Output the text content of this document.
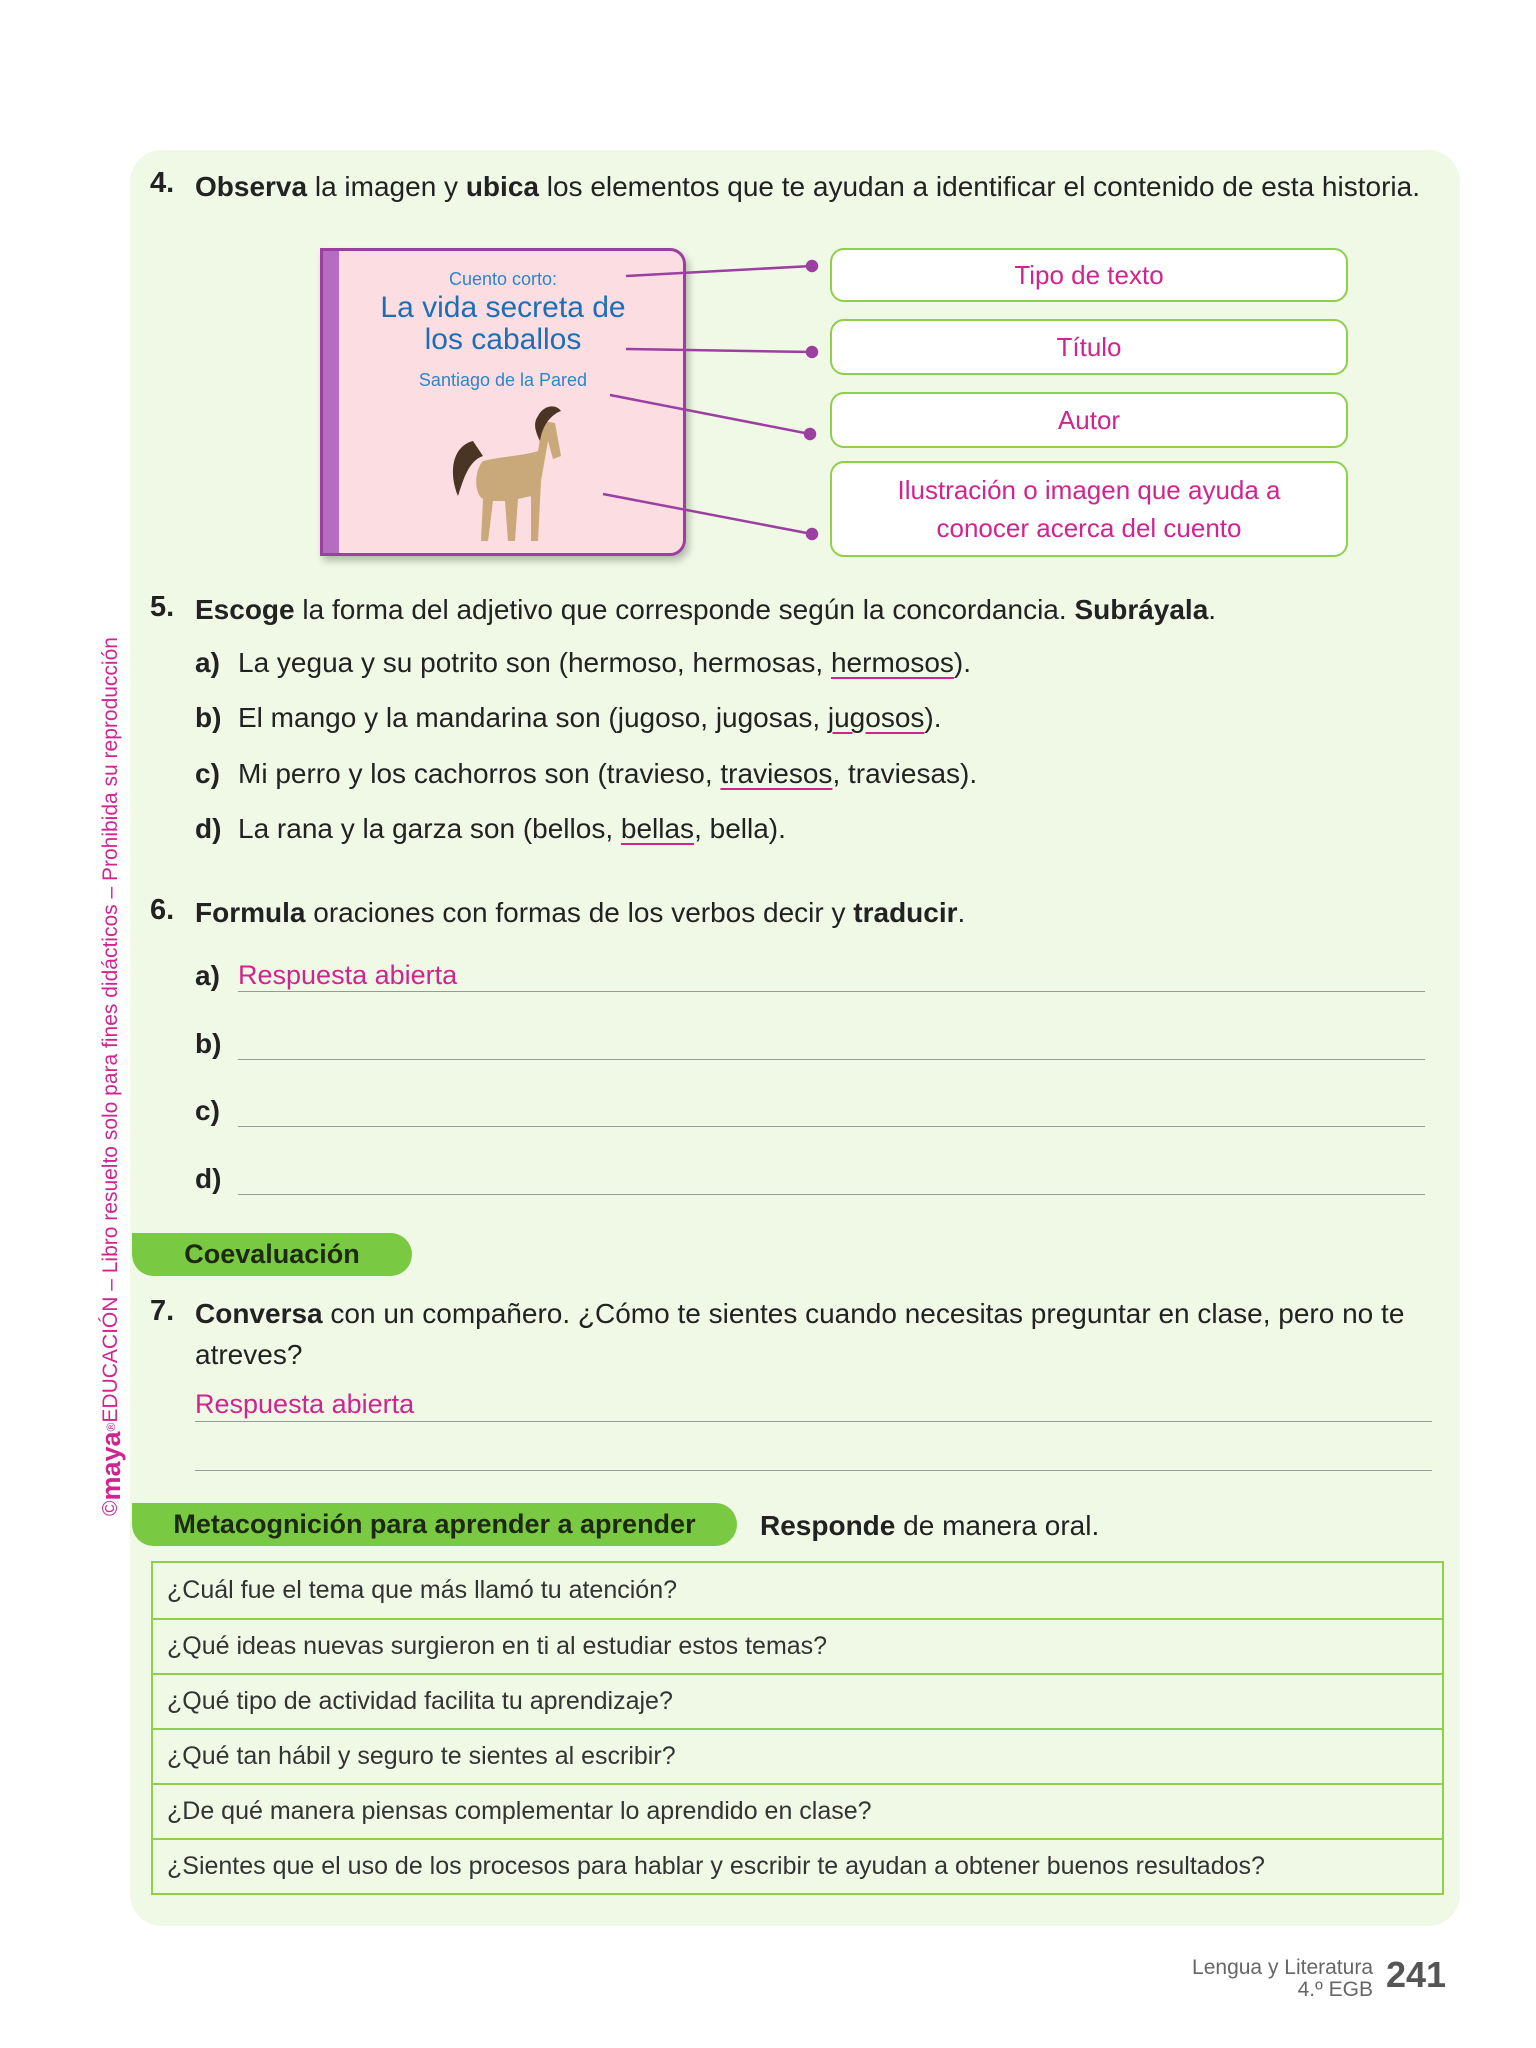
©
maya
®
EDUCACIÓN – Libro resuelto solo para fines didácticos – Prohibida su reproducción
4. Observa la imagen y ubica los elementos que te ayudan a identificar el contenido de esta historia.
Cuento corto:
La vida secreta de los caballos
Santiago de la Pared
Tipo de texto
Título
Autor
Ilustración o imagen que ayuda a conocer acerca del cuento
5. Escoge la forma del adjetivo que corresponde según la concordancia. Subráyala.
a) La yegua y su potrito son (hermoso, hermosas, hermosos).
b) El mango y la mandarina son (jugoso, jugosas, jugosos).
c) Mi perro y los cachorros son (travieso, traviesos, traviesas).
d) La rana y la garza son (bellos, bellas, bella).
6. Formula oraciones con formas de los verbos decir y traducir.
a) Respuesta abierta
b)
c)
d)
Coevaluación
7. Conversa con un compañero. ¿Cómo te sientes cuando necesitas preguntar en clase, pero no te atreves?
Respuesta abierta
Metacognición para aprender a aprender	Responde de manera oral.
¿Cuál fue el tema que más llamó tu atención?
¿Qué ideas nuevas surgieron en ti al estudiar estos temas?
¿Qué tipo de actividad facilita tu aprendizaje?
¿Qué tan hábil y seguro te sientes al escribir?
¿De qué manera piensas complementar lo aprendido en clase?
¿Sientes que el uso de los procesos para hablar y escribir te ayudan a obtener buenos resultados?
Lengua y Literatura
4.º EGB 241
